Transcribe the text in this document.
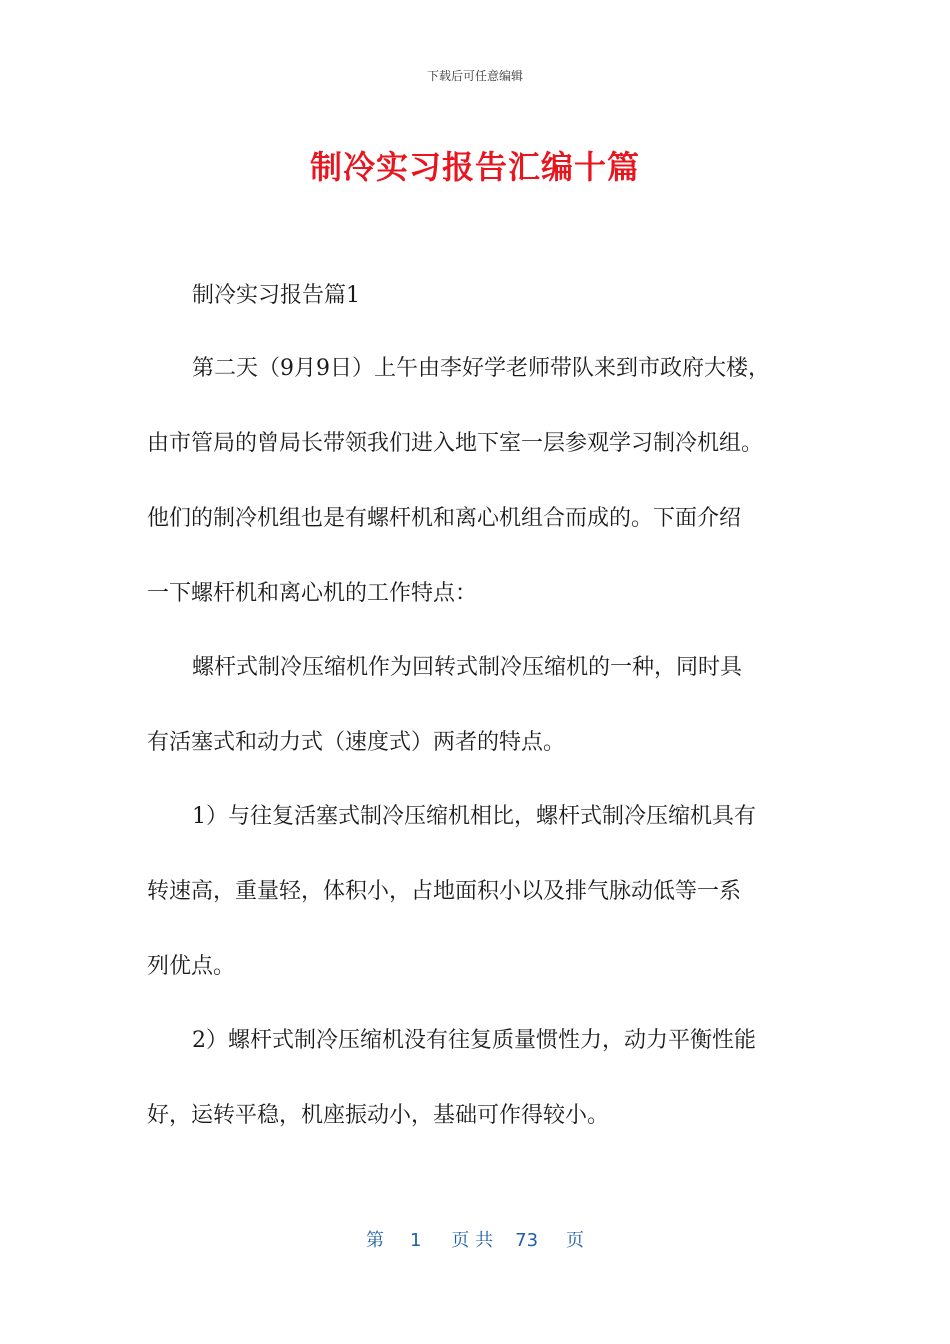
下载后可任意编辑
制冷实习报告汇编十篇
制冷实习报告篇1
第二天（9月9日）上午由李好学老师带队来到市政府大楼，
由市管局的曾局长带领我们进入地下室一层参观学习制冷机组。
他们的制冷机组也是有螺杆机和离心机组合而成的。下面介绍
一下螺杆机和离心机的工作特点：
螺杆式制冷压缩机作为回转式制冷压缩机的一种，同时具
有活塞式和动力式（速度式）两者的特点。
1）与往复活塞式制冷压缩机相比，螺杆式制冷压缩机具有
转速高，重量轻，体积小，占地面积小以及排气脉动低等一系
列优点。
2）螺杆式制冷压缩机没有往复质量惯性力，动力平衡性能
好，运转平稳，机座振动小，基础可作得较小。
第 1 页 共 73 页
